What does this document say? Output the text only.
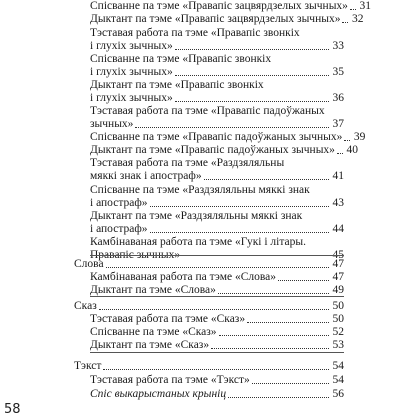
Спісванне па тэме «Правапіс зацвярдзелых зычных» 31
Дыктант па тэме «Правапіс зацвярдзелых зычных» 32
Тэставая работа па тэме «Правапіс звонкіх
і глухіх зычных»	33
Спісванне па тэме «Правапіс звонкіх
і глухіх зычных»	35
Дыктант па тэме «Правапіс звонкіх
і глухіх зычных»	36
Тэставая работа па тэме «Правапіс падоўжаных
зычных»	37
Спісванне па тэме «Правапіс падоўжаных зычных» 39
Дыктант па тэме «Правапіс падоўжаных зычных» 40
Тэставая работа па тэме «Раздзяляльны
мяккі знак і апостраф»	41
Спісванне па тэме «Раздзяляльны мяккі знак
і апостраф»	43
Дыктант па тэме «Раздзяляльны мяккі знак
і апостраф»	44
Камбінаваная работа па тэме «Гукі і літары.
Правапіс зычных»	45
Слова	47
Камбінаваная работа па тэме «Слова»	47
Дыктант па тэме «Слова»	49
Сказ	50
Тэставая работа па тэме «Сказ»	50
Спісванне па тэме «Сказ»	52
Дыктант па тэме «Сказ»	53
Тэкст	54
Тэставая работа па тэме «Тэкст»	54
Спіс выкарыстаных крыніц	56
58
